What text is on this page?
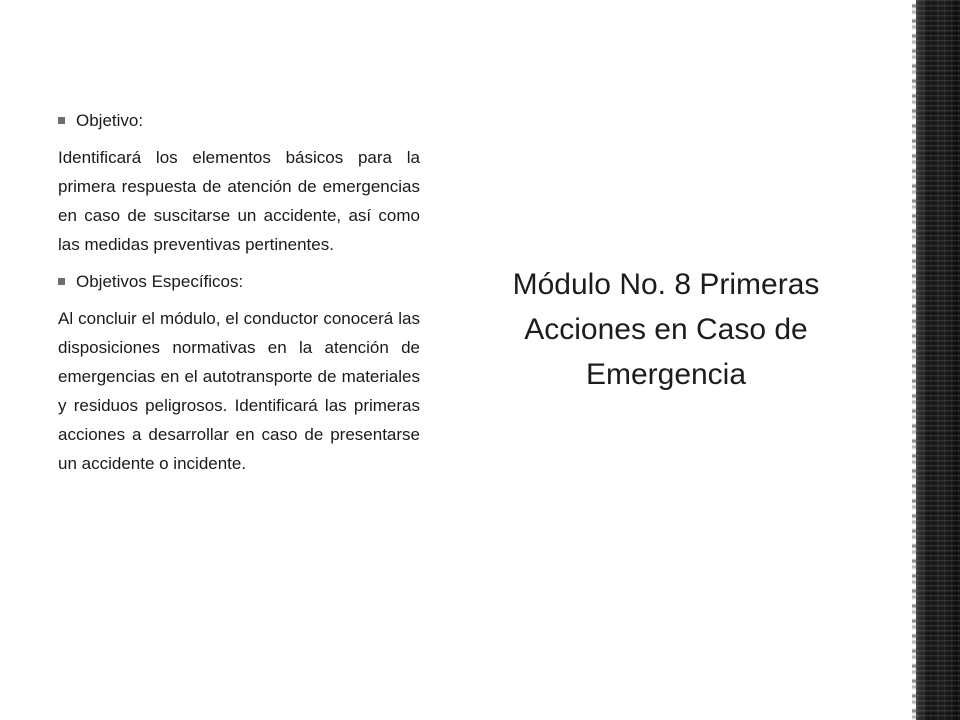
Objetivo:

Identificará los elementos básicos para la primera respuesta de atención de emergencias en caso de suscitarse un accidente, así como las medidas preventivas pertinentes.

Objetivos Específicos:

Al concluir el módulo, el conductor conocerá las disposiciones normativas en la atención de emergencias en el autotransporte de materiales y residuos peligrosos. Identificará las primeras acciones a desarrollar en caso de presentarse un accidente o incidente.

Módulo No. 8 Primeras Acciones en Caso de Emergencia
